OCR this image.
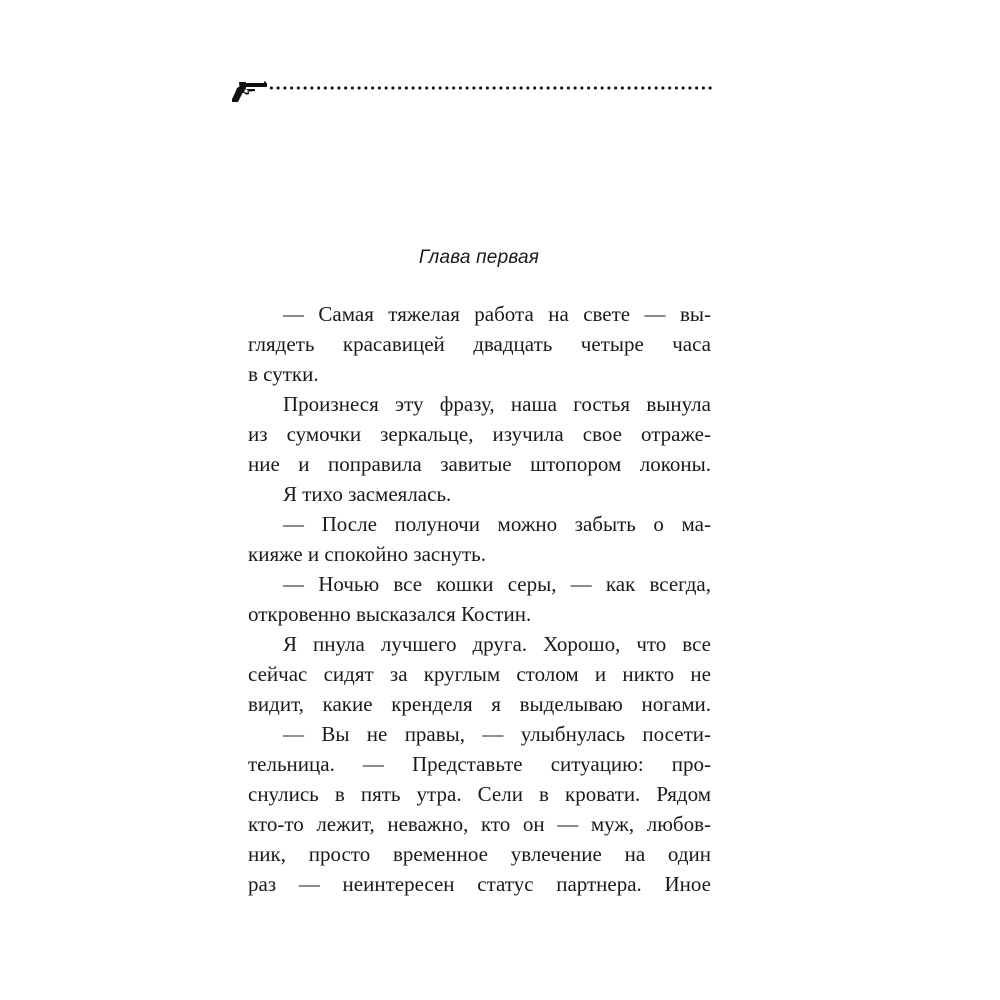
Глава первая
— Самая тяжелая работа на свете — вы-
глядеть красавицей двадцать четыре часа
в сутки.
Произнеся эту фразу, наша гостья вынула
из сумочки зеркальце, изучила свое отраже-
ние и поправила завитые штопором локоны.
Я тихо засмеялась.
— После полуночи можно забыть о ма-
кияже и спокойно заснуть.
— Ночью все кошки серы, — как всегда,
откровенно высказался Костин.
Я пнула лучшего друга. Хорошо, что все
сейчас сидят за круглым столом и никто не
видит, какие кренделя я выделываю ногами.
— Вы не правы, — улыбнулась посети-
тельница. — Представьте ситуацию: про-
снулись в пять утра. Сели в кровати. Рядом
кто-то лежит, неважно, кто он — муж, любов-
ник, просто временное увлечение на один
раз — неинтересен статус партнера. Иное
